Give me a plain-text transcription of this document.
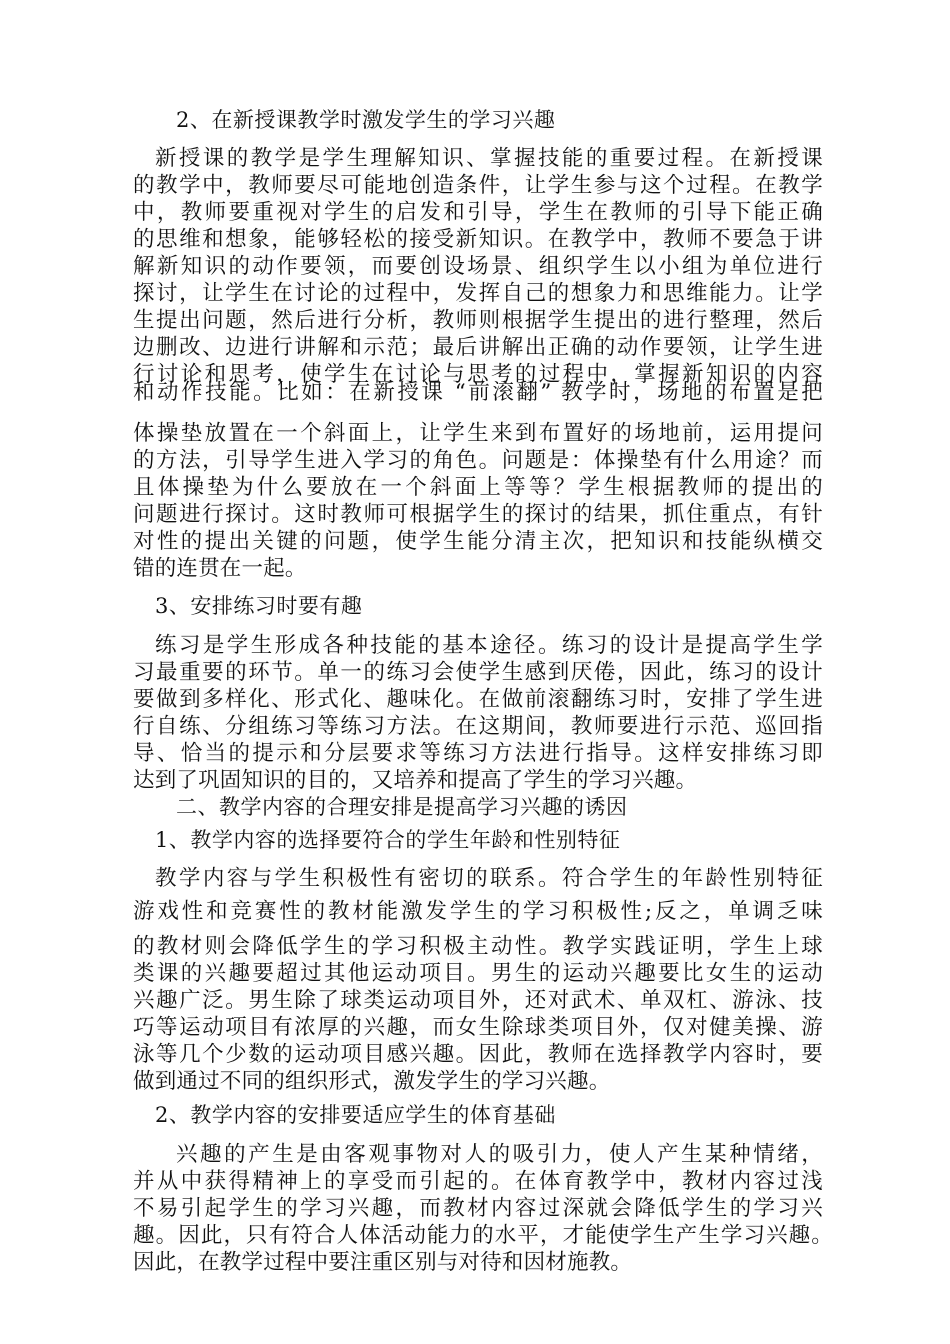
2、在新授课教学时激发学生的学习兴趣
新授课的教学是学生理解知识、掌握技能的重要过程。在新授课
的教学中，教师要尽可能地创造条件，让学生参与这个过程。在教学
中，教师要重视对学生的启发和引导，学生在教师的引导下能正确
的思维和想象，能够轻松的接受新知识。在教学中，教师不要急于讲
解新知识的动作要领，而要创设场景、组织学生以小组为单位进行
探讨，让学生在讨论的过程中，发挥自己的想象力和思维能力。让学
生提出问题，然后进行分析，教师则根据学生提出的进行整理，然后
边删改、边进行讲解和示范；最后讲解出正确的动作要领，让学生进
行讨论和思考，使学生在讨论与思考的过程中，掌握新知识的内容
和动作技能。比如：在新授课 “前滚翻” 教学时，场地的布置是把
体操垫放置在一个斜面上，让学生来到布置好的场地前，运用提问
的方法，引导学生进入学习的角色。问题是：体操垫有什么用途？而
且体操垫为什么要放在一个斜面上等等？学生根据教师的提出的
问题进行探讨。这时教师可根据学生的探讨的结果，抓住重点，有针
对性的提出关键的问题，使学生能分清主次，把知识和技能纵横交
错的连贯在一起。
3、安排练习时要有趣
练习是学生形成各种技能的基本途径。练习的设计是提高学生学
习最重要的环节。单一的练习会使学生感到厌倦，因此，练习的设计
要做到多样化、形式化、趣味化。在做前滚翻练习时，安排了学生进
行自练、分组练习等练习方法。在这期间，教师要进行示范、巡回指
导、恰当的提示和分层要求等练习方法进行指导。这样安排练习即
达到了巩固知识的目的，又培养和提高了学生的学习兴趣。
二、教学内容的合理安排是提高学习兴趣的诱因
1、教学内容的选择要符合的学生年龄和性别特征
教学内容与学生积极性有密切的联系。符合学生的年龄性别特征
游戏性和竞赛性的教材能激发学生的学习积极性;反之，单调乏味
的教材则会降低学生的学习积极主动性。教学实践证明，学生上球
类课的兴趣要超过其他运动项目。男生的运动兴趣要比女生的运动
兴趣广泛。男生除了球类运动项目外，还对武术、单双杠、游泳、技
巧等运动项目有浓厚的兴趣，而女生除球类项目外，仅对健美操、游
泳等几个少数的运动项目感兴趣。因此，教师在选择教学内容时，要
做到通过不同的组织形式，激发学生的学习兴趣。
2、教学内容的安排要适应学生的体育基础
兴趣的产生是由客观事物对人的吸引力，使人产生某种情绪，
并从中获得精神上的享受而引起的。在体育教学中，教材内容过浅
不易引起学生的学习兴趣，而教材内容过深就会降低学生的学习兴
趣。因此，只有符合人体活动能力的水平，才能使学生产生学习兴趣。
因此，在教学过程中要注重区别与对待和因材施教。
